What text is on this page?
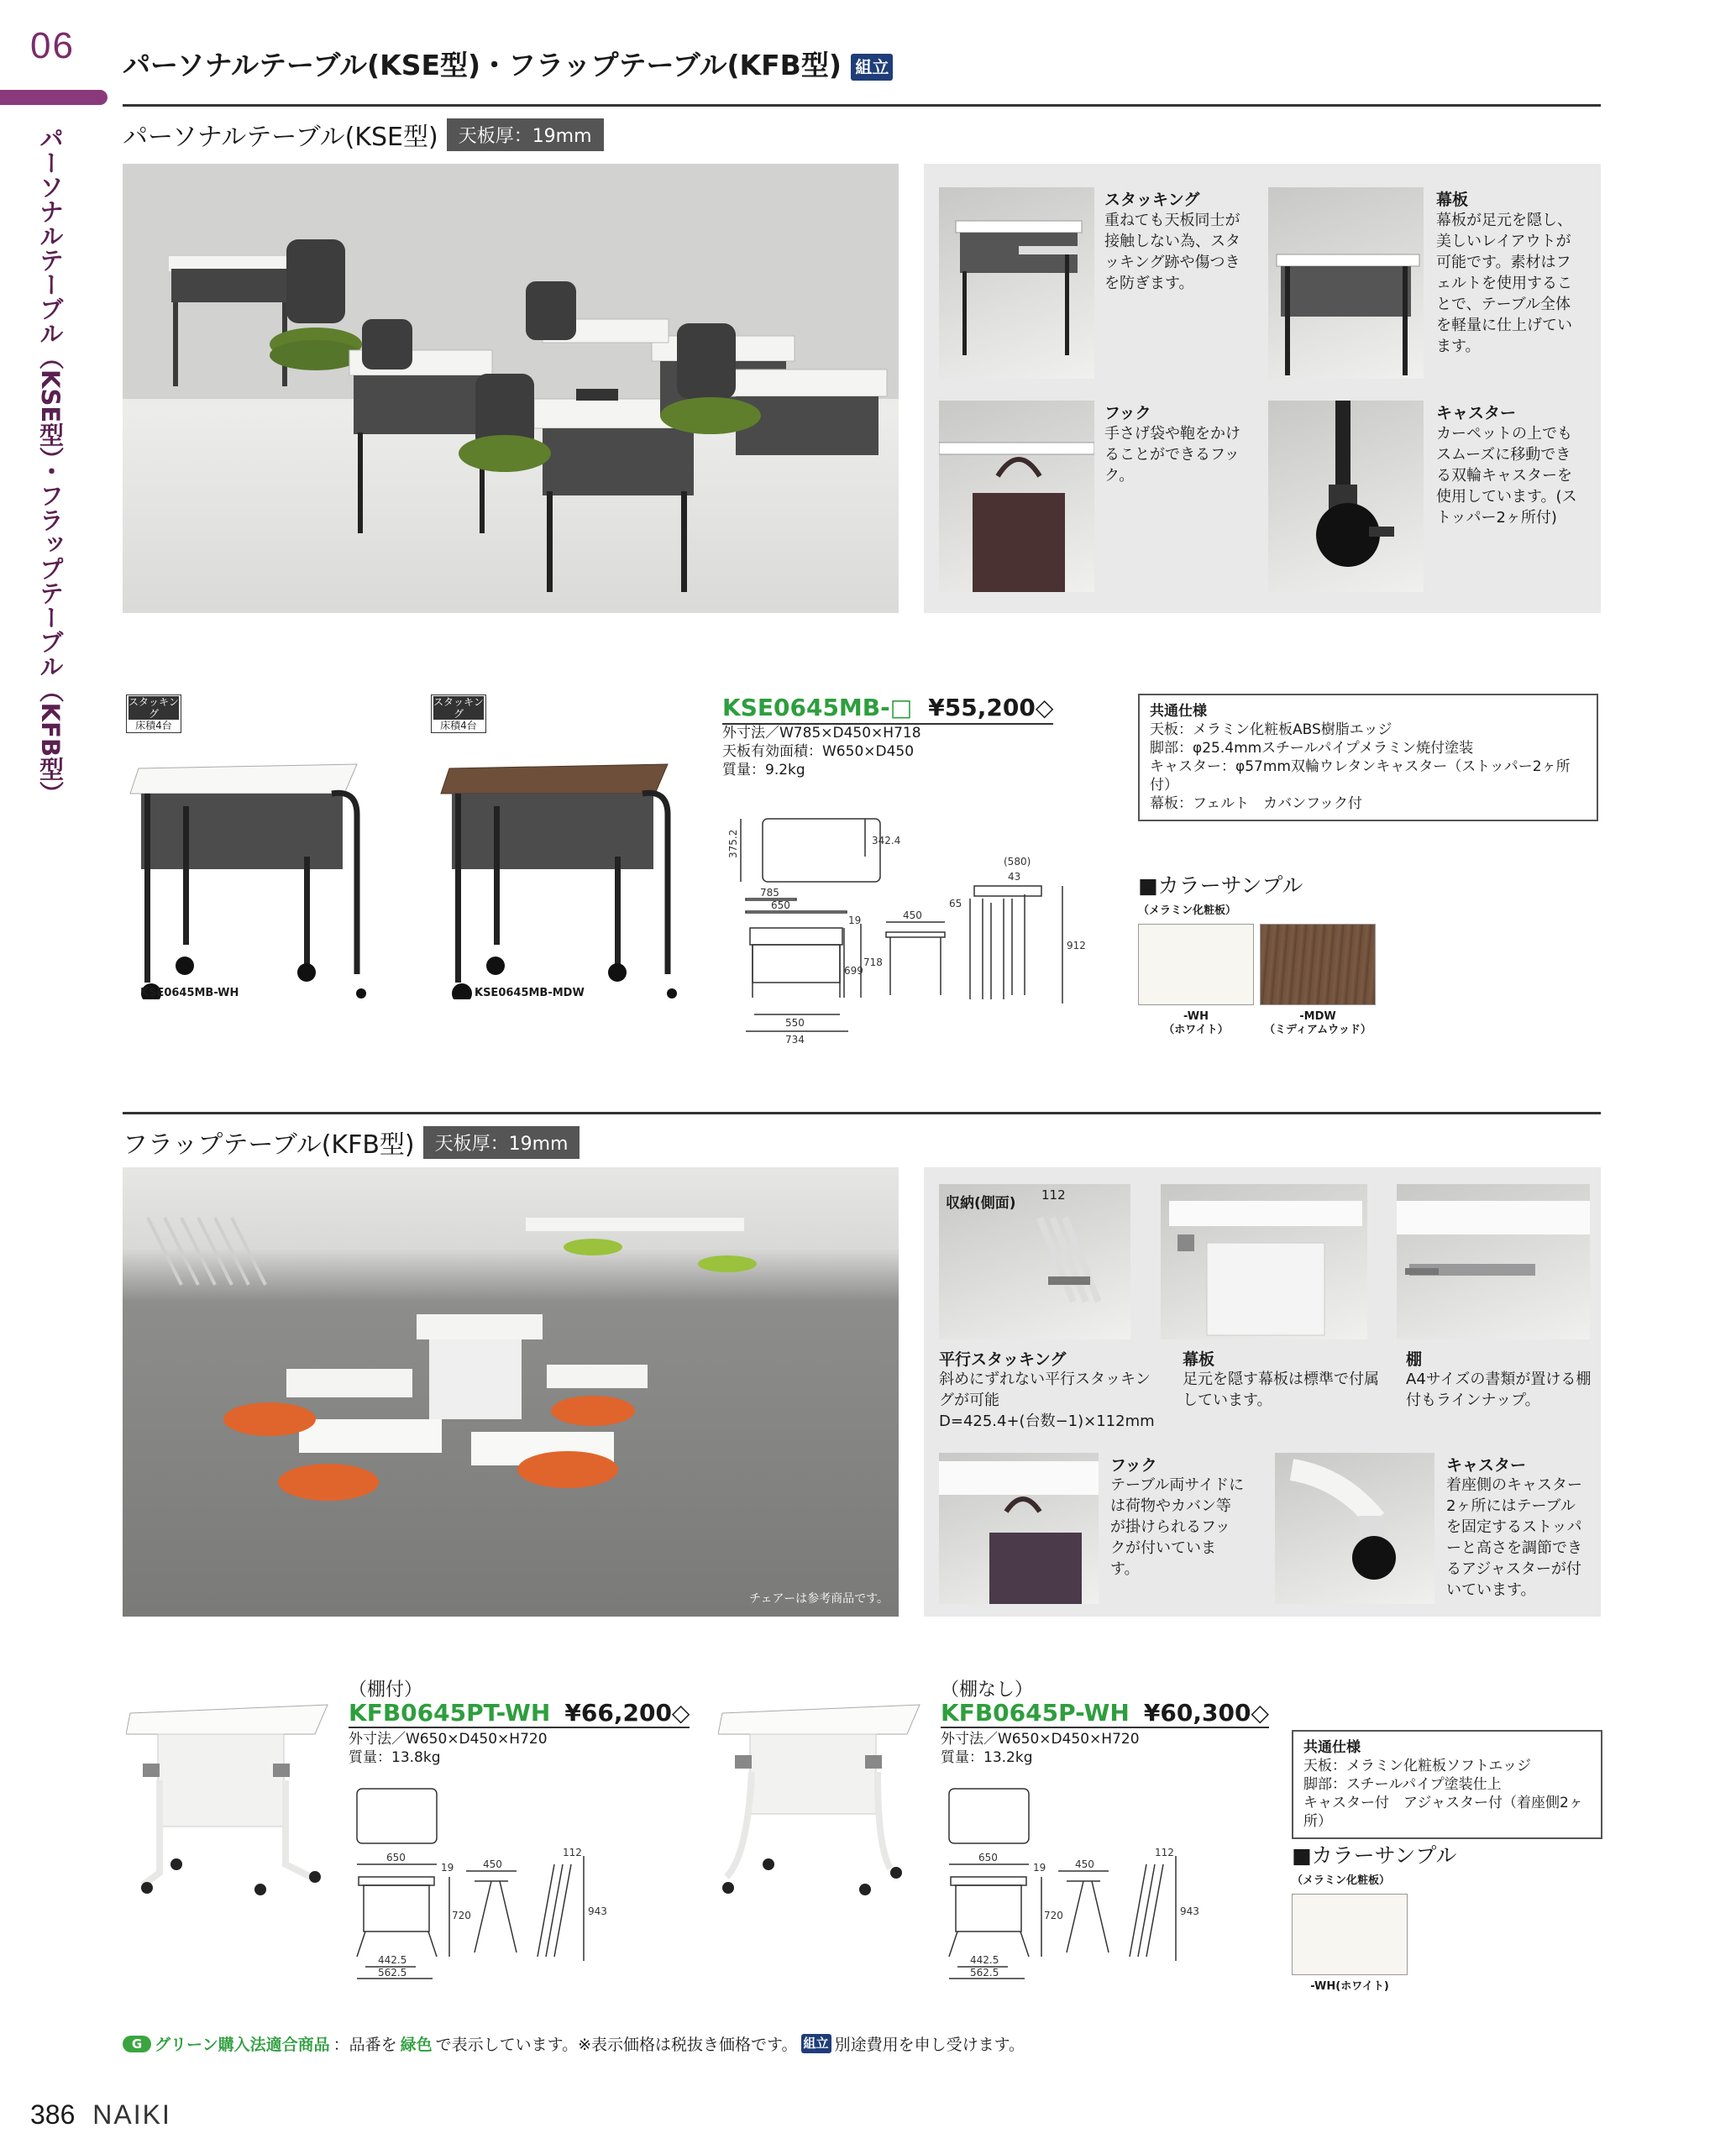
06
パーソナルテーブル（KSE型）・フラップテーブル（KFB型）
パーソナルテーブル(KSE型)・フラップテーブル(KFB型) 組立
パーソナルテーブル(KSE型)	天板厚：19mm
スタッキング
重ねても天板同士が接触しない為、スタッキング跡や傷つきを防ぎます。
幕板
幕板が足元を隠し、美しいレイアウトが可能です。素材はフェルトを使用することで、テーブル全体を軽量に仕上げています。
フック
手さげ袋や鞄をかけることができるフック。
キャスター
カーペットの上でもスムーズに移動できる双輪キャスターを使用しています。(ストッパー2ヶ所付)
スタッキング
床積4台
KSE0645MB-WH
スタッキング
床積4台
KSE0645MB-MDW
KSE0645MB-□ ¥55,200◇
外寸法／W785×D450×H718
天板有効面積：W650×D450
質量：9.2kg
375.2	342.4
785
650
19
699
718
450
65
(580)
43
912
550
734
共通仕様
天板：メラミン化粧板ABS樹脂エッジ
脚部：φ25.4mmスチールパイプメラミン焼付塗装
キャスター：φ57mm双輪ウレタンキャスター（ストッパー2ヶ所付）
幕板：フェルト　カバンフック付
■カラーサンプル
（メラミン化粧板）
-WH
（ホワイト）
-MDW
（ミディアムウッド）
フラップテーブル(KFB型)	天板厚：19mm
チェアーは参考商品です。
収納(側面) 112
平行スタッキング
斜めにずれない平行スタッキングが可能
D=425.4+(台数−1)×112mm
幕板
足元を隠す幕板は標準で付属しています。
棚
A4サイズの書類が置ける棚付もラインナップ。
フック
テーブル両サイドには荷物やカバン等が掛けられるフックが付いています。
キャスター
着座側のキャスター2ヶ所にはテーブルを固定するストッパーと高さを調節できるアジャスターが付いています。
（棚付）
KFB0645PT-WH ¥66,200◇
外寸法／W650×D450×H720
質量：13.8kg
650
19	450
112
720	943
442.5
562.5
（棚なし）
KFB0645P-WH ¥60,300◇
外寸法／W650×D450×H720
質量：13.2kg
650
19	450
112
720	943
442.5
562.5
共通仕様
天板：メラミン化粧板ソフトエッジ
脚部：スチールパイプ塗装仕上
キャスター付　アジャスター付（着座側2ヶ所）
■カラーサンプル
（メラミン化粧板）
-WH(ホワイト)
G グリーン購入法適合商品 ：品番を 緑色 で表示しています。※表示価格は税抜き価格です。 組立 別途費用を申し受けます。
386 NAIKI
